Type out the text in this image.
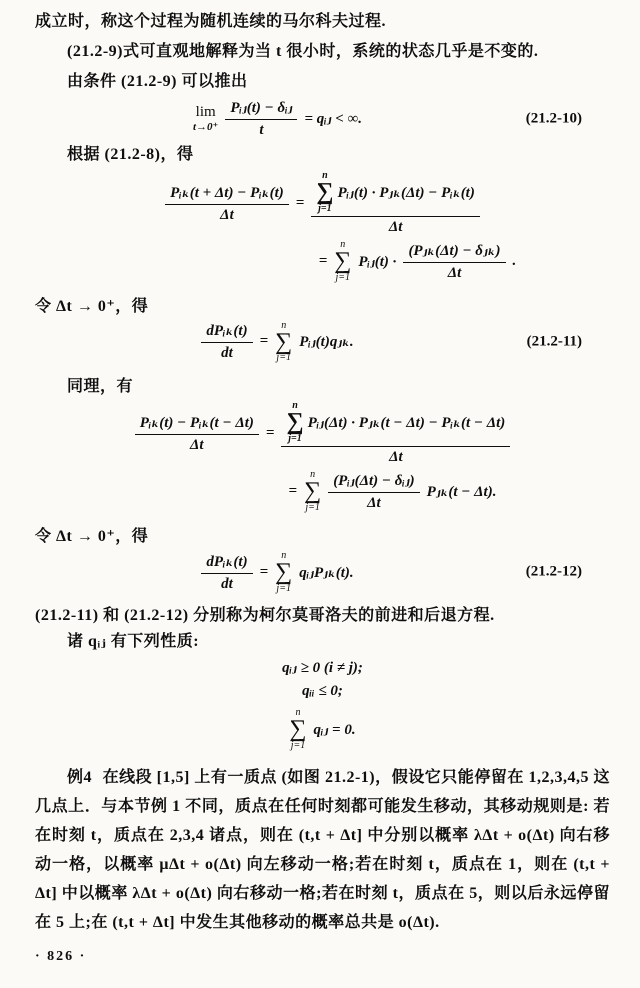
成立时，称这个过程为随机连续的马尔科夫过程.

(21.2-9)式可直观地解释为当 t 很小时，系统的状态几乎是不变的.

由条件 (21.2-9) 可以推出

lim
$t\to 0^+ \frac{\text{Pᵢⱼ(t) − δᵢⱼ}}{t}$ = qᵢⱼ < ∞.	(21.2-10)

根据 (21.2-8)，得

$\frac{\text{Pᵢₖ(t + Δt) − Pᵢₖ(t)}}{\Delta t}$ =
n
∑
j=1
Pᵢⱼ(t) · Pⱼₖ(Δt) − Pᵢₖ(t)
Δt
=
n
∑
j=1
Pᵢⱼ(t) · $\frac{\text{(Pⱼₖ(Δt) − δⱼₖ)}}{\Delta t}$ .

令 Δt → 0⁺，得

$\frac{\text{dPᵢₖ(t)}}{dt}$ =
n
∑
j=1
Pᵢⱼ(t)qⱼₖ.	(21.2-11)

同理，有

$\frac{\text{Pᵢₖ(t) − Pᵢₖ(t − Δt)}}{\Delta t}$ =
n
∑
j=1
Pᵢⱼ(Δt) · Pⱼₖ(t − Δt) − Pᵢₖ(t − Δt)
Δt
=
n
∑
$j=1 \frac{\text{(Pᵢⱼ(Δt) − δᵢⱼ)}}{\Delta t}$ Pⱼₖ(t − Δt).

令 Δt → 0⁺，得

$\frac{\text{dPᵢₖ(t)}}{dt}$ =
n
∑
j=1
qᵢⱼPⱼₖ(t).	(21.2-12)

(21.2-11) 和 (21.2-12) 分别称为柯尔莫哥洛夫的前进和后退方程.

诸 qᵢⱼ 有下列性质:

qᵢⱼ ≥ 0 (i ≠ j);
qᵢᵢ ≤ 0;
n
∑
j=1
qᵢⱼ = 0.

例4 在线段 [1,5] 上有一质点 (如图 21.2-1)，假设它只能停留在 1,2,3,4,5 这几点上．与本节例 1 不同，质点在任何时刻都可能发生移动，其移动规则是: 若在时刻 t，质点在 2,3,4 诸点，则在 (t,t + Δt] 中分别以概率 λΔt + o(Δt) 向右移动一格，以概率 μΔt + o(Δt) 向左移动一格;若在时刻 t，质点在 1，则在 (t,t + Δt] 中以概率 λΔt + o(Δt) 向右移动一格;若在时刻 t，质点在 5，则以后永远停留在 5 上;在 (t,t + Δt] 中发生其他移动的概率总共是 o(Δt).

· 826 ·
